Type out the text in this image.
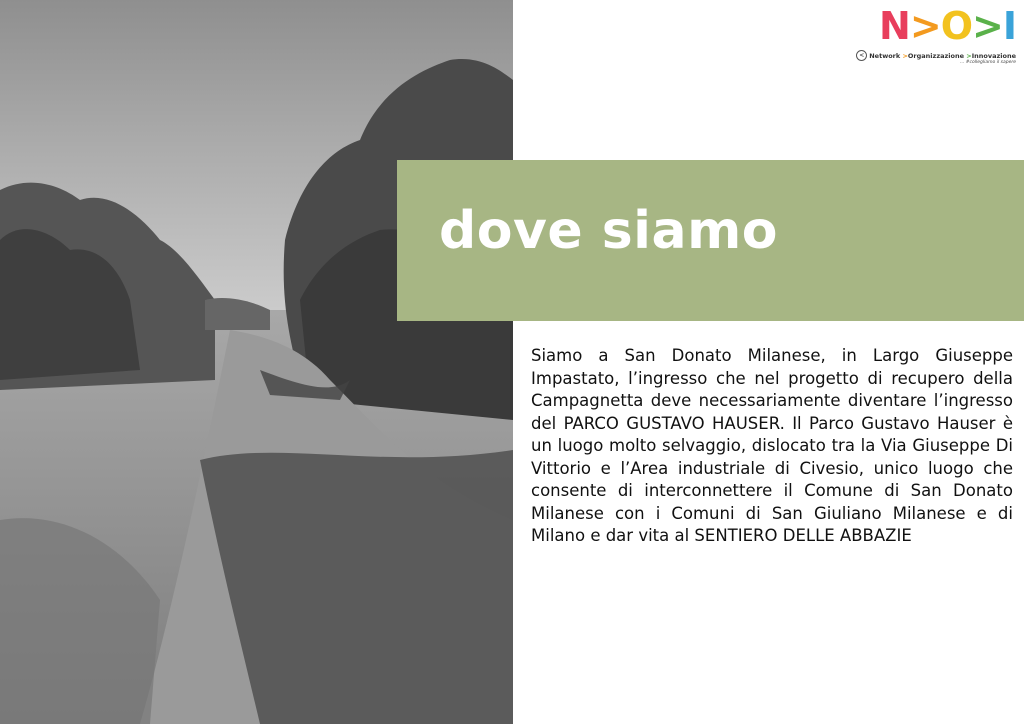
N>O>I
< Network >Organizzazione >Innovazione
... #collegliamo il sapere
dove siamo

Siamo a San Donato Milanese, in Largo Giuseppe Impastato, l’ingresso che nel progetto di recupero della Campagnetta deve necessariamente diventare l’ingresso del PARCO GUSTAVO HAUSER. Il Parco Gustavo Hauser è un luogo molto selvaggio, dislocato tra la Via Giuseppe Di Vittorio e l’Area industriale di Civesio, unico luogo che consente di interconnettere il Comune di San Donato Milanese con i Comuni di San Giuliano Milanese e di Milano e dar vita al SENTIERO DELLE ABBAZIE
